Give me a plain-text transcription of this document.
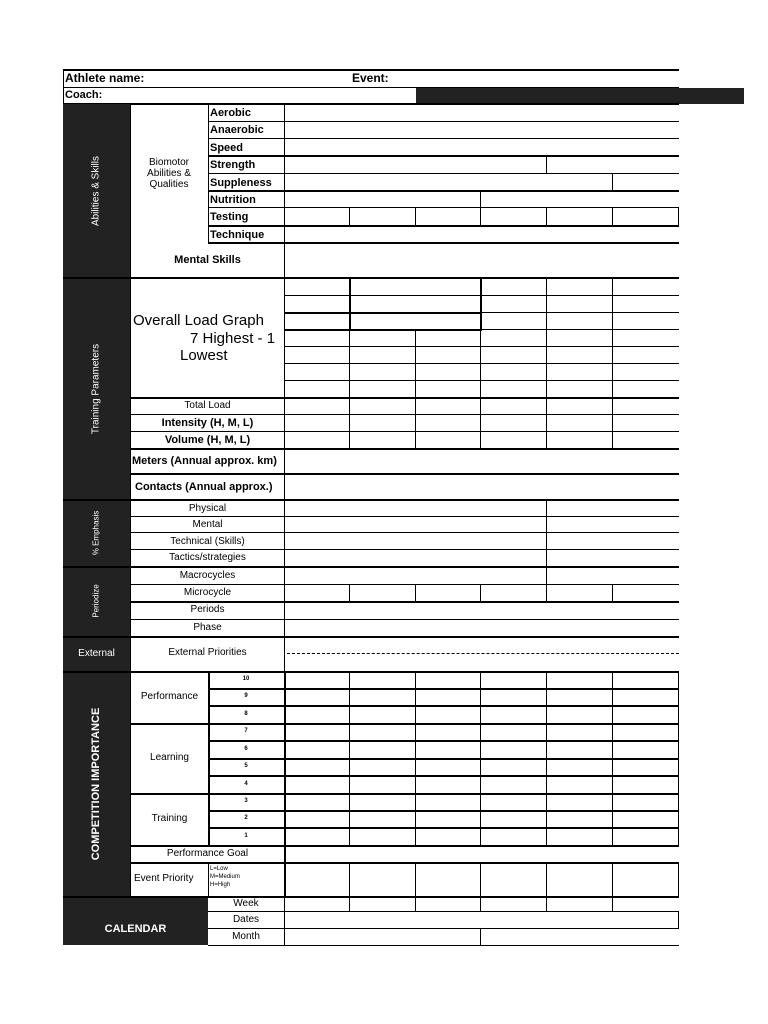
Athlete name:	Event:
Coach:
Abilities & Skills
Training Parameters
% Emphasis
Periodize
External
COMPETITION IMPORTANCE
CALENDAR
Biomotor
Abilities &
Qualities
Aerobic
Anaerobic
Speed
Strength
Suppleness
Nutrition
Testing
Technique
Mental Skills
Overall Load Graph
7 Highest - 1
Lowest
Total Load
Intensity (H, M, L)
Volume (H, M, L)
Meters (Annual approx. km)
Contacts (Annual approx.)
Physical
Mental
Technical (Skills)
Tactics/strategies
Macrocycles
Microcycle
Periods
Phase
External Priorities
Performance
Learning
Training
10
9
8
7
6
5
4
3
2
1
Performance Goal
Event Priority
L=Low
M=Medium
H=High
Week
Dates
Month
